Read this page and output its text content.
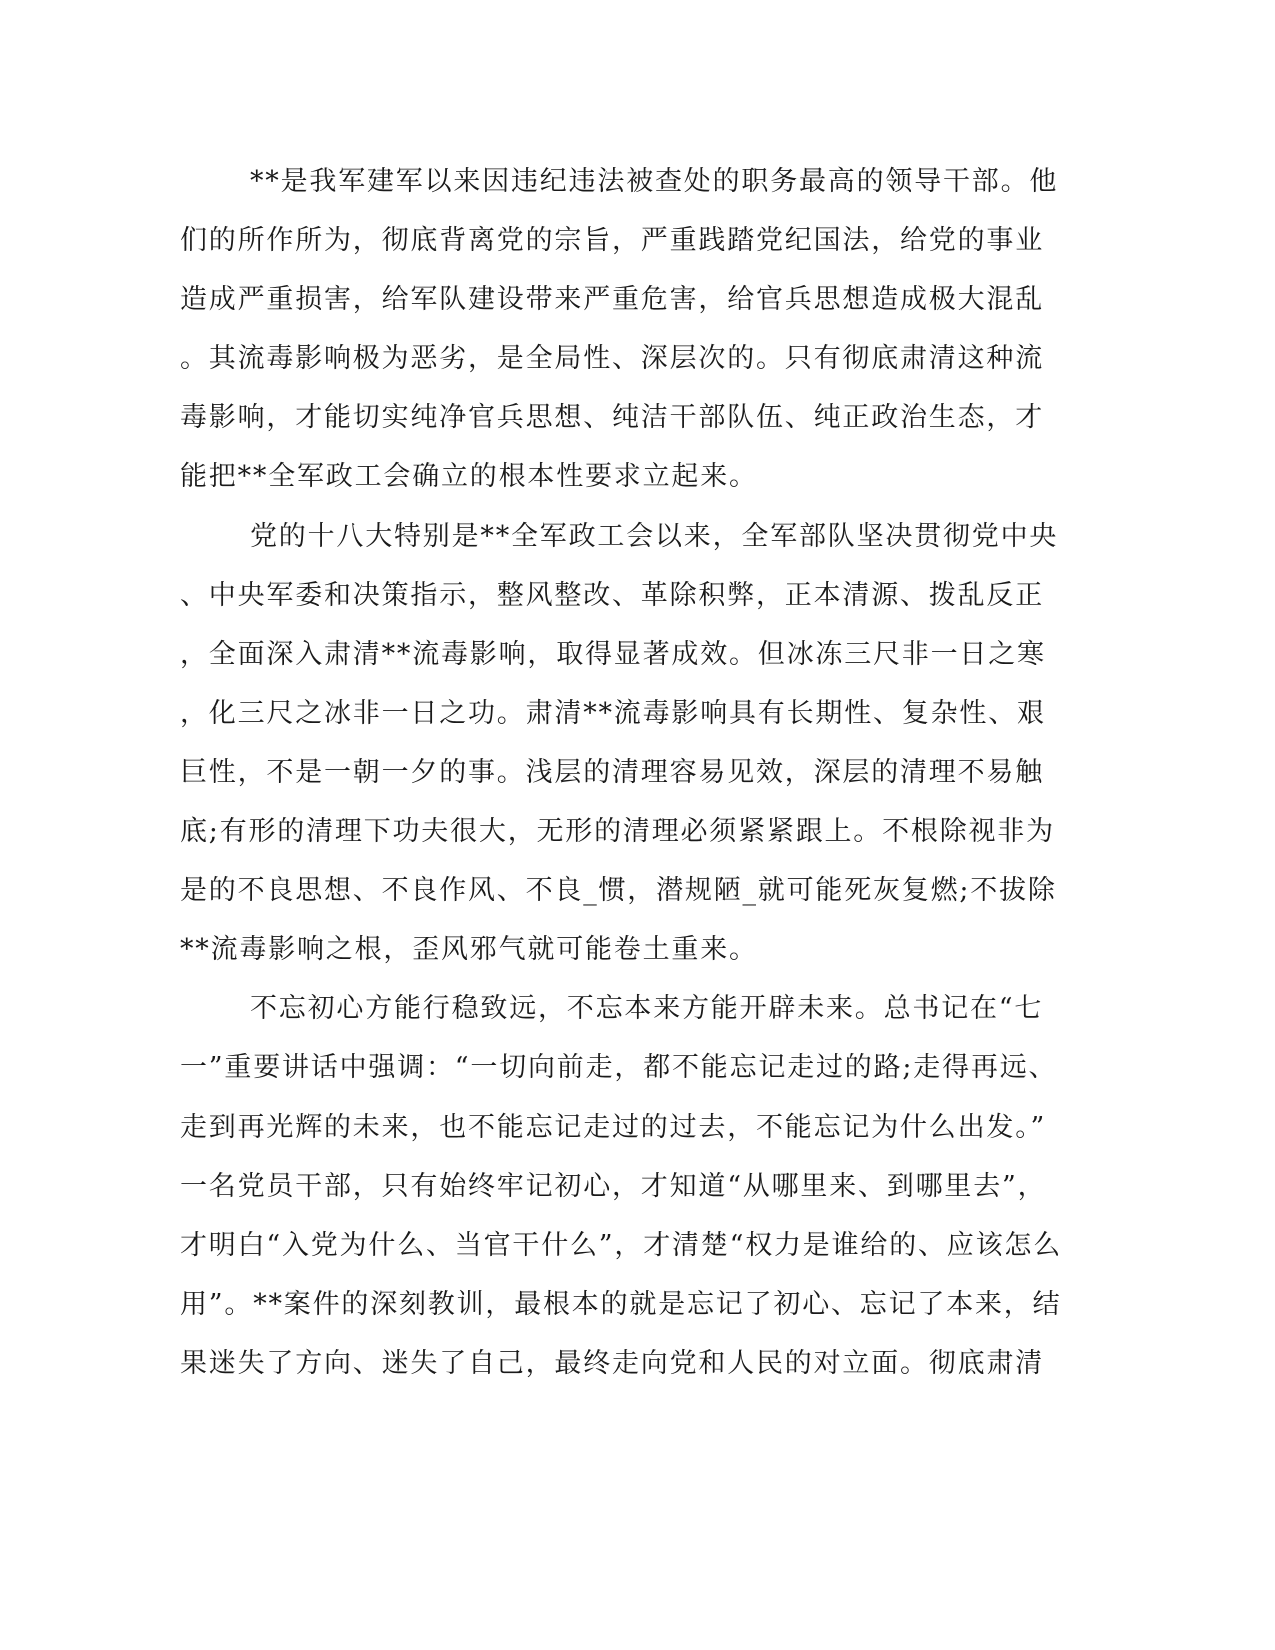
**是我军建军以来因违纪违法被查处的职务最高的领导干部。他
们的所作所为，彻底背离党的宗旨，严重践踏党纪国法，给党的事业
造成严重损害，给军队建设带来严重危害，给官兵思想造成极大混乱
。其流毒影响极为恶劣，是全局性、深层次的。只有彻底肃清这种流
毒影响，才能切实纯净官兵思想、纯洁干部队伍、纯正政治生态，才
能把**全军政工会确立的根本性要求立起来。
党的十八大特别是**全军政工会以来，全军部队坚决贯彻党中央
、中央军委和决策指示，整风整改、革除积弊，正本清源、拨乱反正
，全面深入肃清**流毒影响，取得显著成效。但冰冻三尺非一日之寒
，化三尺之冰非一日之功。肃清**流毒影响具有长期性、复杂性、艰
巨性，不是一朝一夕的事。浅层的清理容易见效，深层的清理不易触
底;有形的清理下功夫很大，无形的清理必须紧紧跟上。不根除视非为
是的不良思想、不良作风、不良_惯，潜规陋_就可能死灰复燃;不拔除
**流毒影响之根，歪风邪气就可能卷土重来。
不忘初心方能行稳致远，不忘本来方能开辟未来。总书记在“七
一”重要讲话中强调：“一切向前走，都不能忘记走过的路;走得再远、
走到再光辉的未来，也不能忘记走过的过去，不能忘记为什么出发。”
一名党员干部，只有始终牢记初心，才知道“从哪里来、到哪里去”，
才明白“入党为什么、当官干什么”，才清楚“权力是谁给的、应该怎么
用”。**案件的深刻教训，最根本的就是忘记了初心、忘记了本来，结
果迷失了方向、迷失了自己，最终走向党和人民的对立面。彻底肃清
